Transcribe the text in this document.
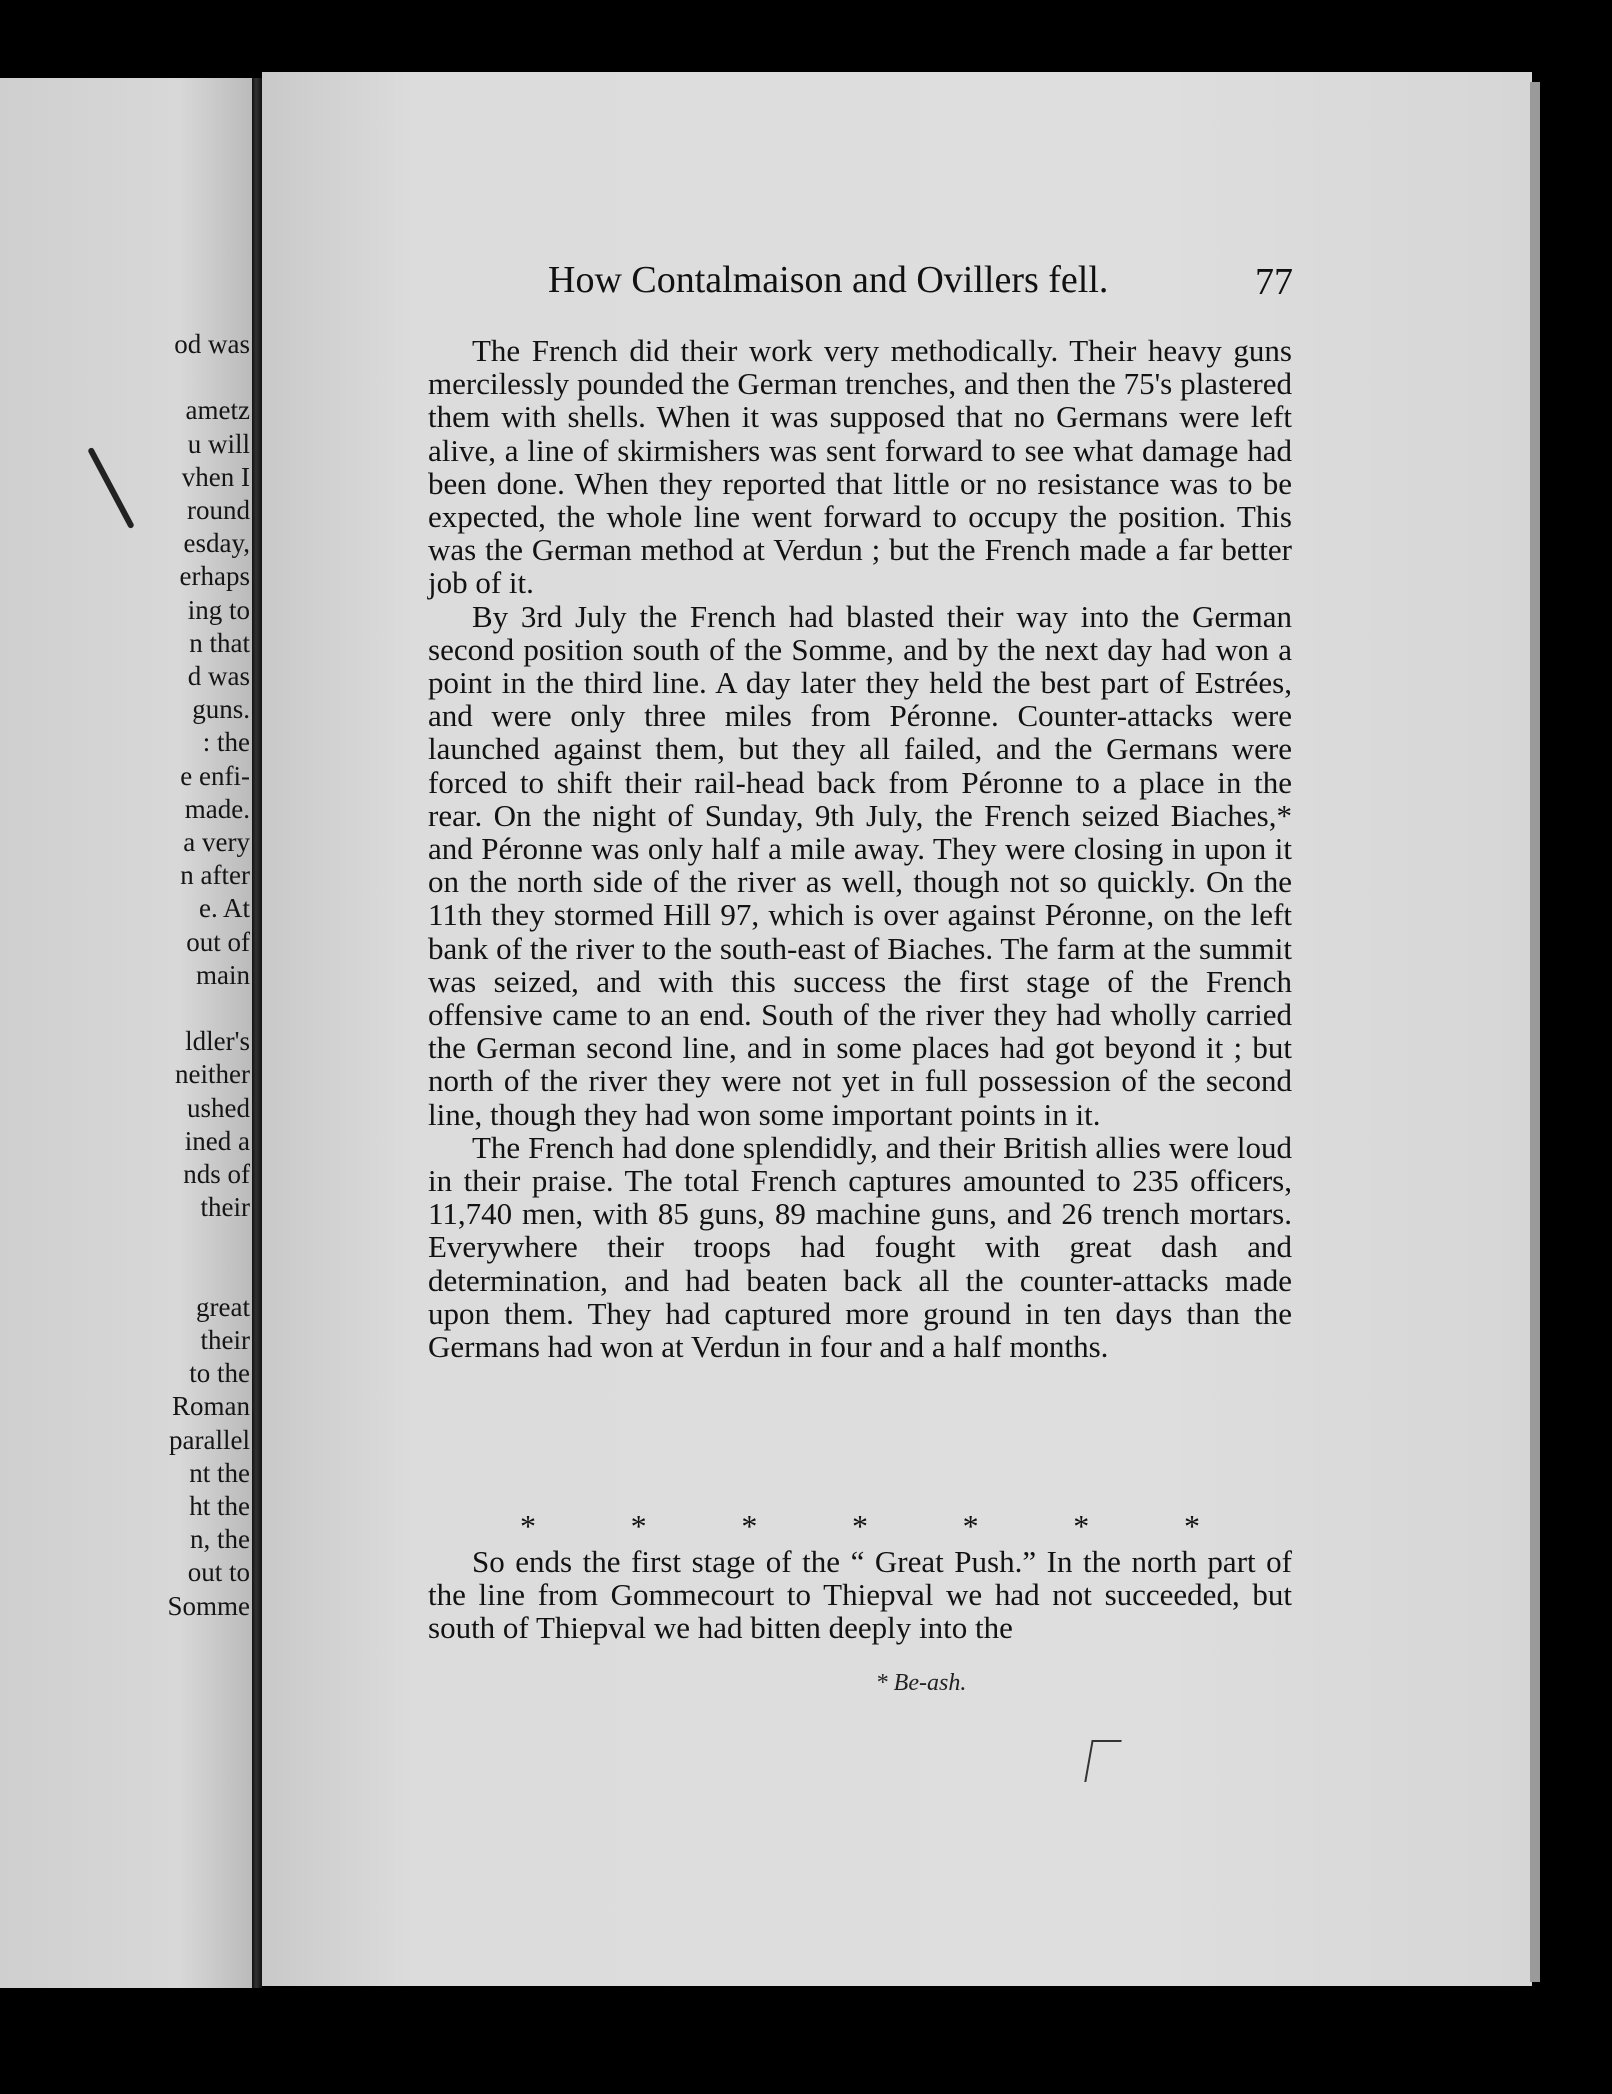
od was
ametz
u will
vhen I
round
esday,
erhaps
ing to
n that
d was
guns.
: the
e enfi-
made.
a very
n after
e. At
out of
main
ldler's
neither
ushed
ined a
nds of
their
great
their
to the
Roman
parallel
nt the
ht the
n, the
out to
Somme
How Contalmaison and Ovillers fell.	77

The French did their work very methodically. Their heavy guns mercilessly pounded the German trenches, and then the 75's plastered them with shells. When it was supposed that no Germans were left alive, a line of skirmishers was sent forward to see what damage had been done. When they reported that little or no resistance was to be expected, the whole line went forward to occupy the position. This was the German method at Verdun ; but the French made a far better job of it.

By 3rd July the French had blasted their way into the German second position south of the Somme, and by the next day had won a point in the third line. A day later they held the best part of Estrées, and were only three miles from Péronne. Counter-attacks were launched against them, but they all failed, and the Germans were forced to shift their rail-head back from Péronne to a place in the rear. On the night of Sunday, 9th July, the French seized Biaches,* and Péronne was only half a mile away. They were closing in upon it on the north side of the river as well, though not so quickly. On the 11th they stormed Hill 97, which is over against Péronne, on the left bank of the river to the south-east of Biaches. The farm at the summit was seized, and with this success the first stage of the French offensive came to an end. South of the river they had wholly carried the German second line, and in some places had got beyond it ; but north of the river they were not yet in full possession of the second line, though they had won some important points in it.

The French had done splendidly, and their British allies were loud in their praise. The total French captures amounted to 235 officers, 11,740 men, with 85 guns, 89 machine guns, and 26 trench mortars. Everywhere their troops had fought with great dash and determination, and had beaten back all the counter-attacks made upon them. They had captured more ground in ten days than the Germans had won at Verdun in four and a half months.

*	*	*	*	*	*	*

So ends the first stage of the “ Great Push.” In the north part of the line from Gommecourt to Thiepval we had not succeeded, but south of Thiepval we had bitten deeply into the

* Be-ash.
